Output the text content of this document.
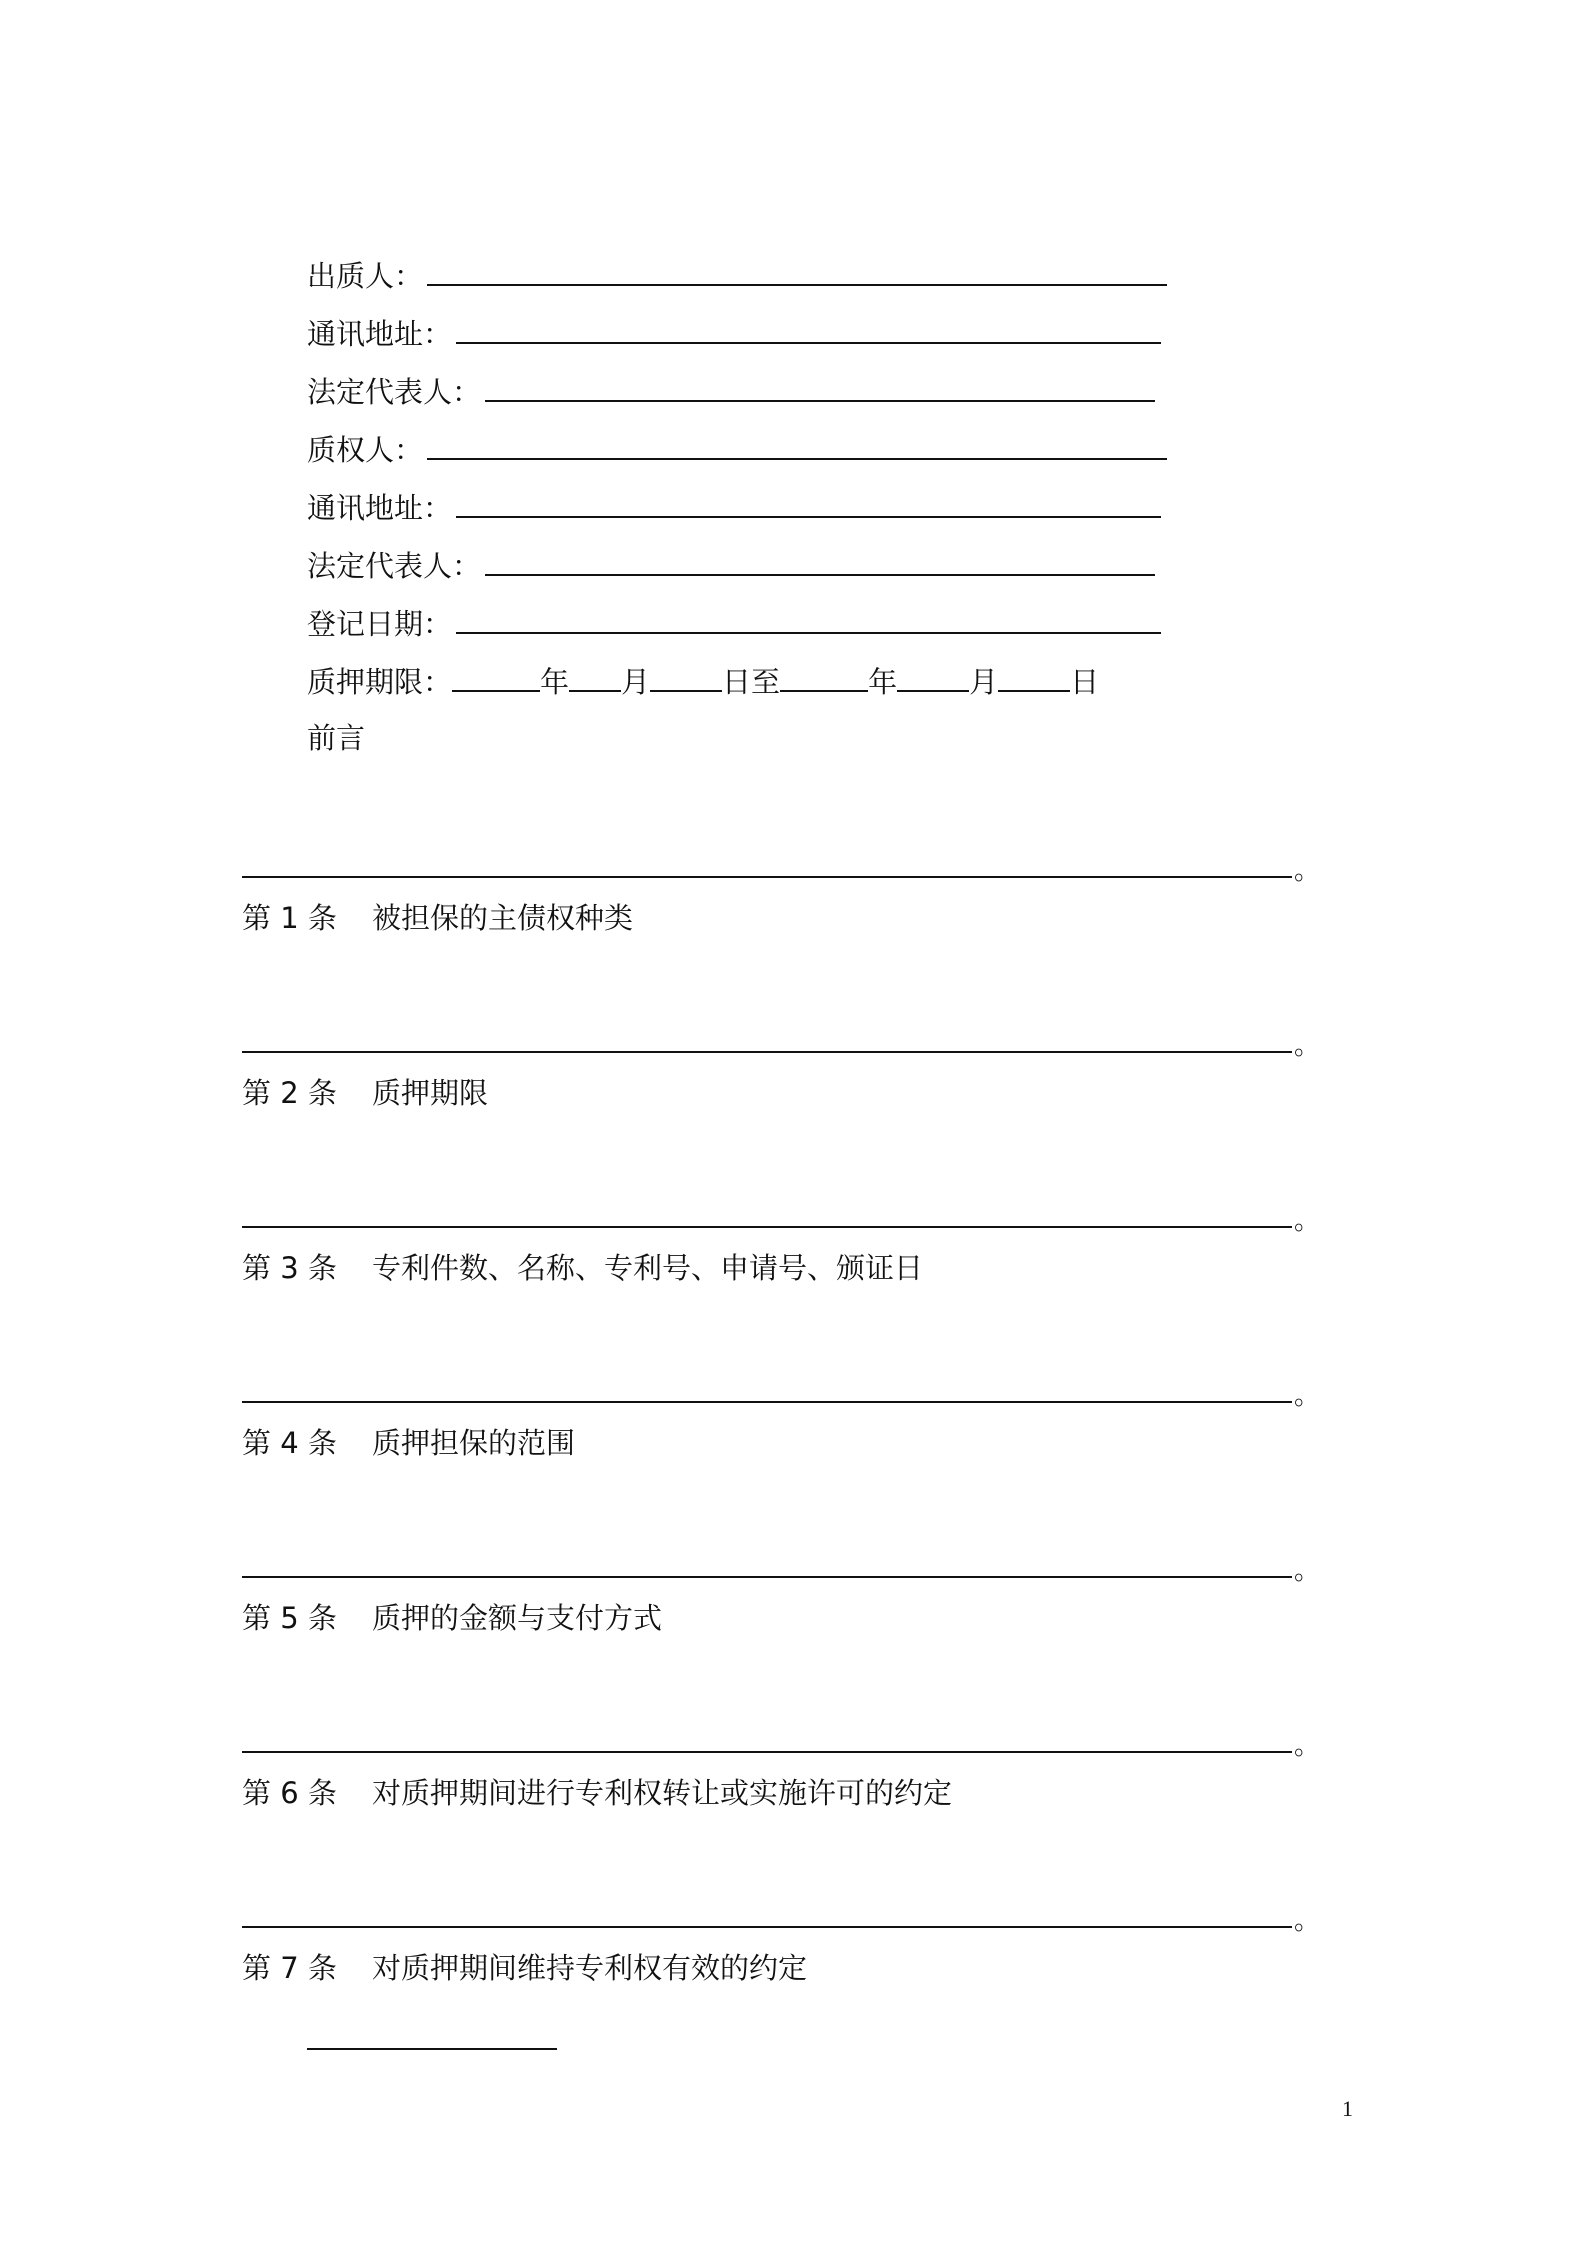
出质人：
通讯地址：
法定代表人：
质权人：
通讯地址：
法定代表人：
登记日期：
质押期限：	年 月 日至	年 月 日
前言
。
第 1 条 被担保的主债权种类
。
第 2 条 质押期限
。
第 3 条 专利件数、名称、专利号、申请号、颁证日
。
第 4 条 质押担保的范围
。
第 5 条 质押的金额与支付方式
。
第 6 条 对质押期间进行专利权转让或实施许可的约定
。
第 7 条 对质押期间维持专利权有效的约定
1
